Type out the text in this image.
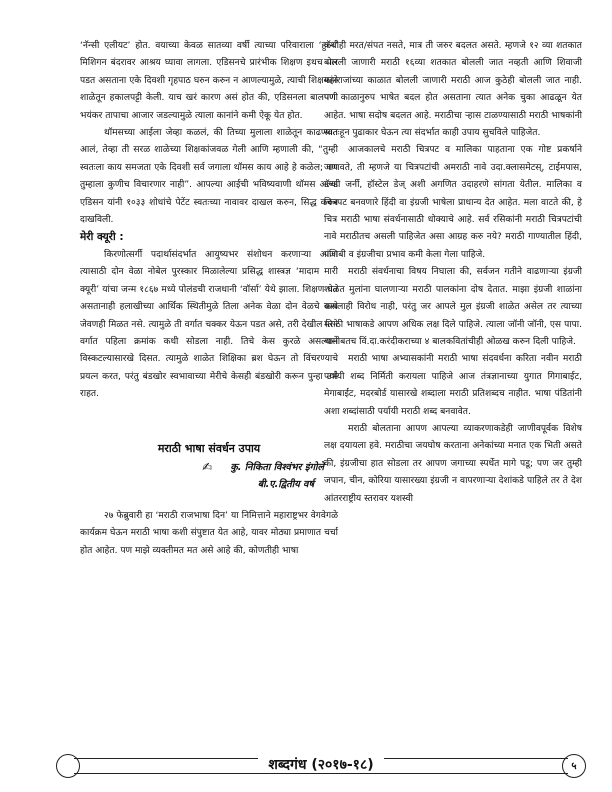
‘नॅन्सी एलीयट’ होत. वयाच्या केवळ सातव्या वर्षी त्याच्या परिवाराला ‘हुरॅन’ मिशिगन बंदरावर आश्रय घ्यावा लागला. एडिसनचे प्रारंभीक शिक्षण इथच पार पडत असताना एके दिवशी गृहपाठ घरुन करुन न आणल्यामुळे, त्याची शिक्षकांने शाळेतून हकालपट्टी केली. याच खरं कारण असं होत की, एडिसनला बालपणी भयंकर तापाचा आजार जडल्यामुळे त्याला कानांने कमी ऐकू येत होत.

थॉमसच्या आईला जेव्हा कळलं, की तिच्या मुलाला शाळेतून काढण्यात आलं, तेव्हा ती सरळ शाळेच्या शिक्षकांजवळ गेली आणि म्हणाली की, “तुम्ही स्वतःला काय समजता एके दिवशी सर्व जगाला थॉमस काय आहे हे कळेल; पण तुम्हाला कुणीच विचारणार नाही”. आपल्या आईची भविष्यवाणी थॉमस अल्वा एडिसन यांनी १०३३ शोधांचे पेटेंट स्वतःच्या नावावर दाखल करुन, सिद्ध करुन दाखविली.

मेरी क्यूरी :

किरणोत्सर्गी पदार्थासंदर्भात आयुष्यभर संशोधन करणाऱ्या आणि त्यासाठी दोन वेळा नोबेल पुरस्कार मिळालेल्या प्रसिद्ध शास्त्रज्ञ ‘मादाम मारी क्यूरी’ यांचा जन्म १८६७ मध्ये पोलंडची राजधानी ‘वॉर्सा’ येथे झाला. शिक्षण घेत असतानाही हलाखीच्या आर्थिक स्थितीमुळे तिला अनेक वेळा दोन वेळचे साधे जेवणही मिळत नसे. त्यामुळे ती वर्गात चक्कर येऊन पडत असे, तरी देखील तिने वर्गात पहिला क्रमांक कधी सोडला नाही. तिचे केस कुरळे असल्याने विस्कटल्यासारखे दिसत. त्यामुळे शाळेत शिक्षिका ब्रश घेऊन तो विंचरण्याचे प्रयत्न करत, परंतु बंडखोर स्वभावाच्या मेरीचे केसही बंडखोरी करून पुन्हा उभे राहत.

मराठी भाषा संवर्धन उपाय
✍ कु. निकिता विश्वंभर इंगोले
बी.ए.द्वितीय वर्ष

२७ फेब्रुवारी हा ‘मराठी राजभाषा दिन’ या निमित्ताने महाराष्ट्रभर वेगवेगळे कार्यक्रम घेऊन मराठी भाषा कशी संपुष्टात येत आहे, यावर मोठ्या प्रमाणात चर्चा होत आहेत. पण माझे व्यक्तीमत मत असे आहे की, कोणतीही भाषा

कधीही मरत/संपत नसते, मात्र ती जरुर बदलत असते. म्हणजे १२ व्या शतकात बोलली जाणारी मराठी १६व्या शतकात बोलली जात नव्हती आणि शिवाजी महाराजांच्या काळात बोलली जाणारी मराठी आज कुठेही बोलली जात नाही. पण काळानुरुप भाषेत बदल होत असताना त्यात अनेक चुका आढळून येत आहेत. भाषा सदोष बदलत आहे. मराठीचा ऱ्हास टाळण्यासाठी मराठी भाषकांनी स्वतःहून पुढाकार घेऊन त्या संदर्भात काही उपाय सुचविले पाहिजेत.

आजकालचे मराठी चित्रपट व मालिका पाहताना एक गोष्ट प्रकर्षाने जाणवते, ती म्हणजे या चित्रपटांची अमराठी नावे उदा.क्लासमेटस्, टाईमपास, डॅण्डी जर्नी, हॉस्टेल डेज् अशी अगणित उदाहरणे सांगता येतील. मालिका व चित्रपट बनवणारे हिंदी वा इंग्रजी भाषेला प्राधान्य देत आहेत. मला वाटते की, हे चित्र मराठी भाषा संवर्धनासाठी धोक्याचे आहे. सर्व रसिकांनी मराठी चित्रपटांची नावे मराठीतच असली पाहिजेत असा आग्रह करु नये? मराठी गाण्यातील हिंदी, पंजाबी व इंग्रजीचा प्रभाव कमी केला गेला पाहिजे.

मराठी संवर्धनाचा विषय निघाला की, सर्वजन गतीने वाढणाऱ्या इंग्रजी शाळेत मुलांना घालणाऱ्या मराठी पालकांना दोष देतात. माझा इंग्रजी शाळांना कसलाही विरोध नाही, परंतु जर आपले मुल इंग्रजी शाळेत असेल तर त्याच्या मराठी भाषाकडे आपण अधिक लक्ष दिले पाहिजे. त्याला जॉनी जॉनी, एस पापा. यासोबतच विं.दा.करंदीकराच्या ४ बालकवितांचीही ओळख करुन दिली पाहिजे.

मराठी भाषा अभ्यासकांनी मराठी भाषा संदवर्धना करिता नवीन मराठी पर्यायी शब्द निर्मिती करायला पाहिजे आज तंत्रज्ञानाच्या युगात गिगाबाईट, मेगाबाईट, मदरबोर्ड यासारखे शब्दाला मराठी प्रतिशब्दच नाहीत. भाषा पंडितांनी अशा शब्दांसाठी पर्यायी मराठी शब्द बनवावेत.

मराठी बोलताना आपण आपल्या व्याकरणाकडेही जाणीवपूर्वक विशेष लक्ष दयायला हवे. मराठीचा जयघोष करताना अनेकांच्या मनात एक भिती असते की, इंग्रजीचा हात सोडला तर आपण जगाच्या स्पर्धेत मागे पडू; पण जर तुम्ही जपान, चीन, कोरिया यासारख्या इंग्रजी न वापरणाऱ्या देशांकडे पाहिले तर ते देश आंतरराष्ट्रीय स्तरावर यशस्वी

शब्दगंध (२०१७-१८)	५
